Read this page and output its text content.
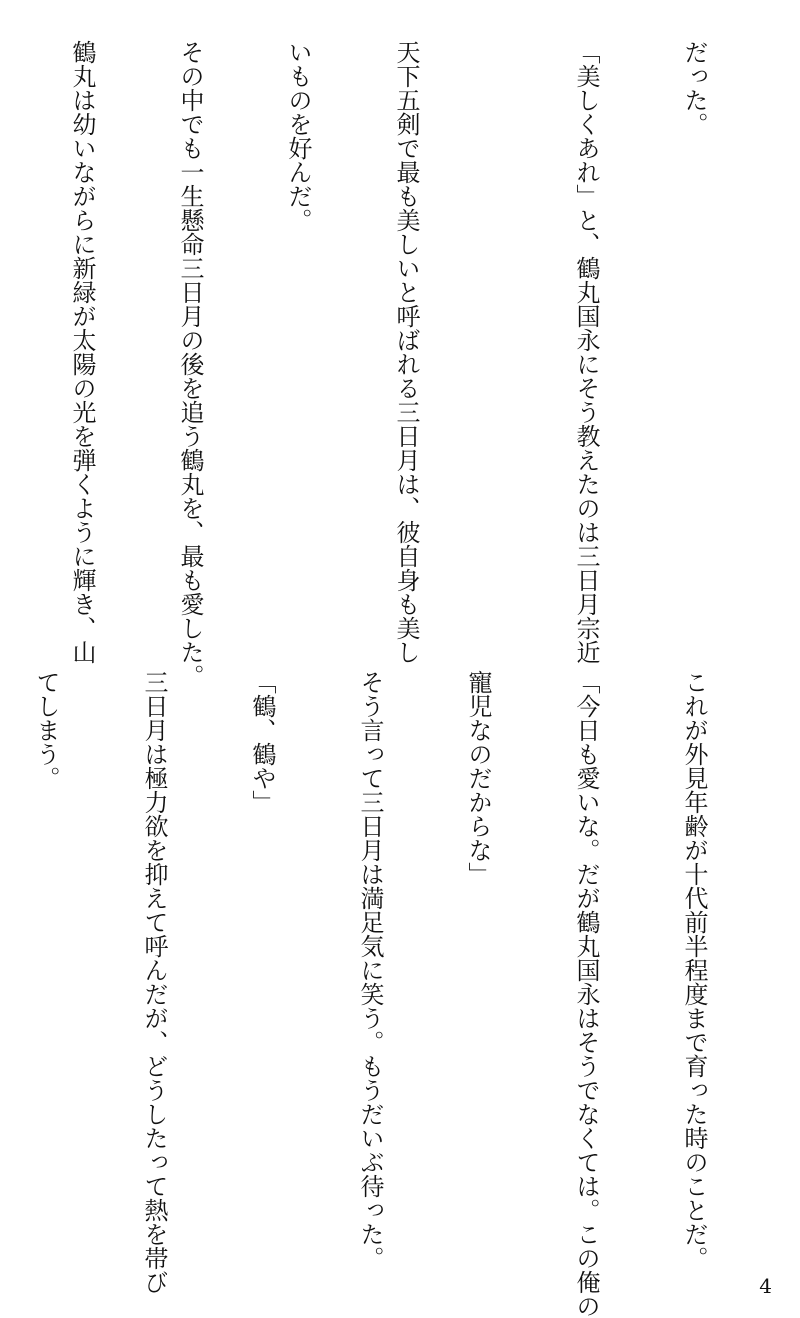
だった。

「美しくあれ」と、鶴丸国永にそう教えたのは三日月宗近

天下五剣で最も美しいと呼ばれる三日月は、彼自身も美し

いものを好んだ。

その中でも一生懸命三日月の後を追う鶴丸を、最も愛した。

鶴丸は幼いながらに新緑が太陽の光を弾くように輝き、山

これが外見年齢が十代前半程度まで育った時のことだ。

「今日も愛いな。だが鶴丸国永はそうでなくては。この俺の

寵児なのだからな」

そう言って三日月は満足気に笑う。もうだいぶ待った。

「鶴、鶴や」

三日月は極力欲を抑えて呼んだが、どうしたって熱を帯び

てしまう。

4
